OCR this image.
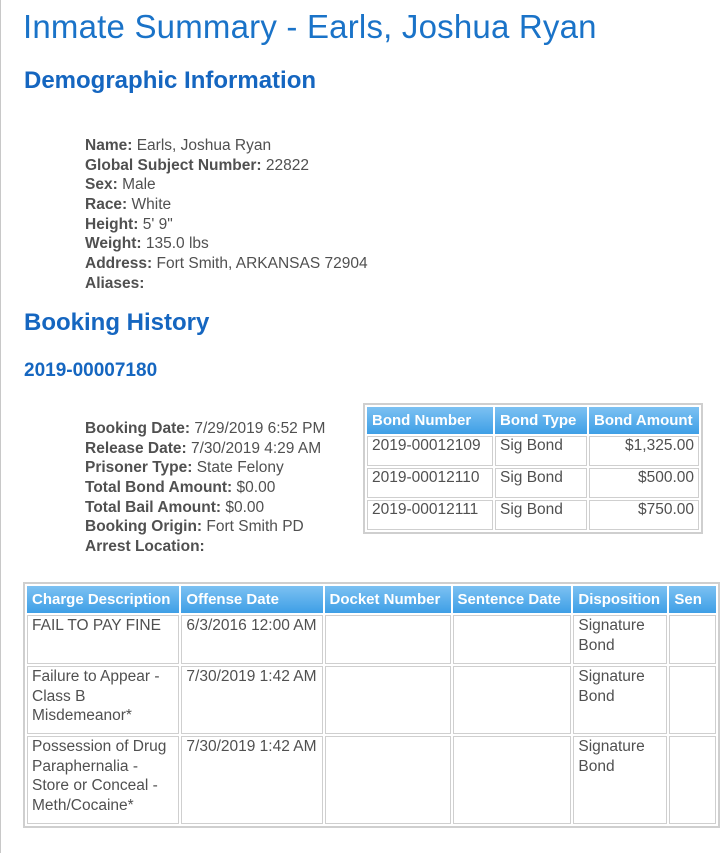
Inmate Summary - Earls, Joshua Ryan
Demographic Information
Name: Earls, Joshua Ryan
Global Subject Number: 22822
Sex: Male
Race: White
Height: 5' 9"
Weight: 135.0 lbs
Address: Fort Smith, ARKANSAS 72904
Aliases:
Booking History
2019-00007180
Booking Date: 7/29/2019 6:52 PM
Release Date: 7/30/2019 4:29 AM
Prisoner Type: State Felony
Total Bond Amount: $0.00
Total Bail Amount: $0.00
Booking Origin: Fort Smith PD
Arrest Location:
Bond Number	Bond Type	Bond Amount
2019-00012109	Sig Bond	$1,325.00
2019-00012110	Sig Bond	$500.00
2019-00012111	Sig Bond	$750.00
Charge Description	Offense Date	Docket Number	Sentence Date	Disposition	Sen
FAIL TO PAY FINE	6/3/2016 12:00 AM			Signature Bond	
Failure to Appear - Class B Misdemeanor*	7/30/2019 1:42 AM			Signature Bond	
Possession of Drug Paraphernalia - Store or Conceal - Meth/Cocaine*	7/30/2019 1:42 AM			Signature Bond	
